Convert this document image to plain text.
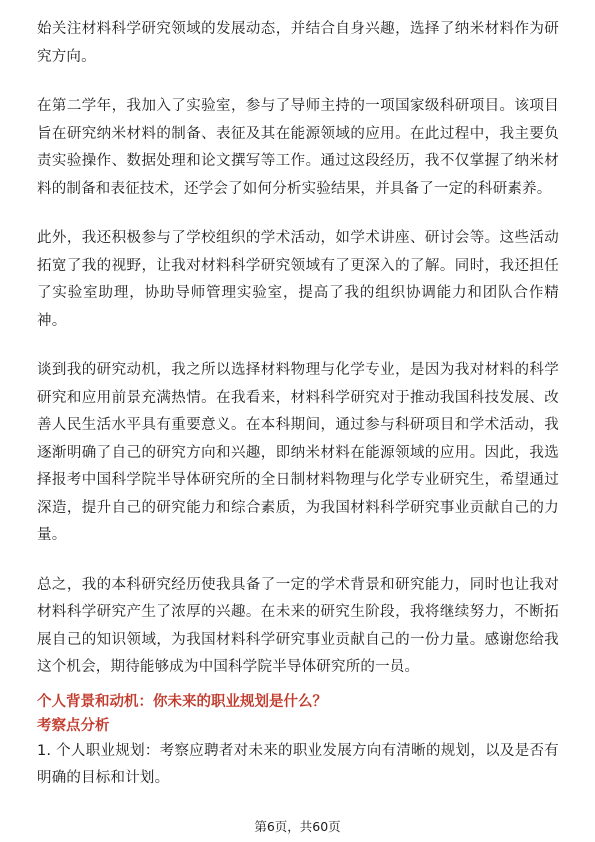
始关注材料科学研究领域的发展动态，并结合自身兴趣，选择了纳米材料作为研究方向。

在第二学年，我加入了实验室，参与了导师主持的一项国家级科研项目。该项目旨在研究纳米材料的制备、表征及其在能源领域的应用。在此过程中，我主要负责实验操作、数据处理和论文撰写等工作。通过这段经历，我不仅掌握了纳米材料的制备和表征技术，还学会了如何分析实验结果，并具备了一定的科研素养。

此外，我还积极参与了学校组织的学术活动，如学术讲座、研讨会等。这些活动拓宽了我的视野，让我对材料科学研究领域有了更深入的了解。同时，我还担任了实验室助理，协助导师管理实验室，提高了我的组织协调能力和团队合作精神。

谈到我的研究动机，我之所以选择材料物理与化学专业，是因为我对材料的科学研究和应用前景充满热情。在我看来，材料科学研究对于推动我国科技发展、改善人民生活水平具有重要意义。在本科期间，通过参与科研项目和学术活动，我逐渐明确了自己的研究方向和兴趣，即纳米材料在能源领域的应用。因此，我选择报考中国科学院半导体研究所的全日制材料物理与化学专业研究生，希望通过深造，提升自己的研究能力和综合素质，为我国材料科学研究事业贡献自己的力量。

总之，我的本科研究经历使我具备了一定的学术背景和研究能力，同时也让我对材料科学研究产生了浓厚的兴趣。在未来的研究生阶段，我将继续努力，不断拓展自己的知识领域，为我国材料科学研究事业贡献自己的一份力量。感谢您给我这个机会，期待能够成为中国科学院半导体研究所的一员。

个人背景和动机：你未来的职业规划是什么？

考察点分析

1. 个人职业规划：考察应聘者对未来的职业发展方向有清晰的规划，以及是否有明确的目标和计划。

第6页，共60页
